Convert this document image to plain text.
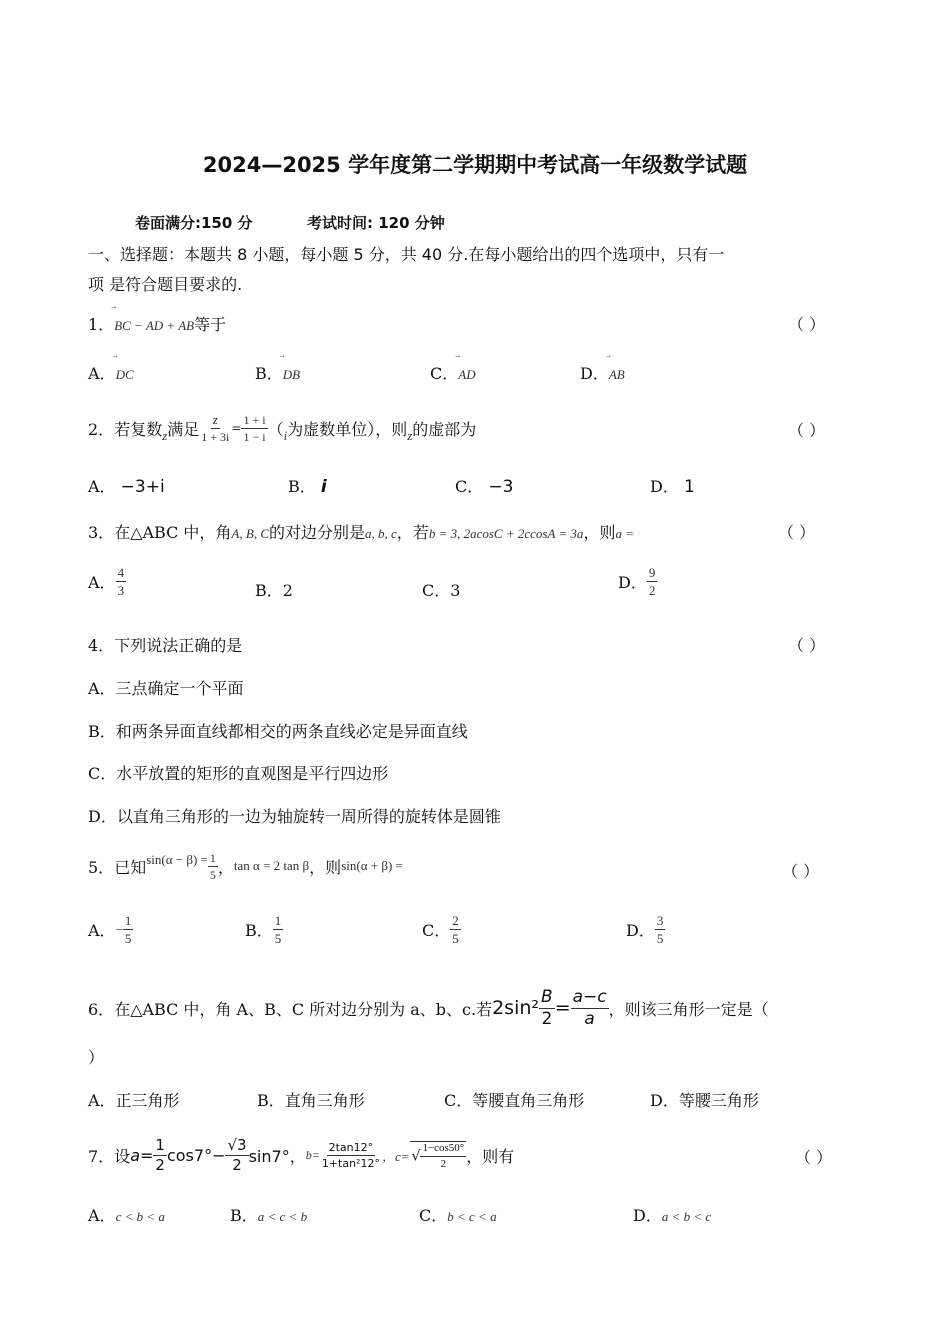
2024—2025 学年度第二学期期中考试高一年级数学试题
卷面满分:150 分	考试时间: 120 分钟
一、选择题：本题共 8 小题，每小题 5 分，共 40 分.在每小题给出的四个选项中，只有一
项 是符合题目要求的.
1．⃗ BC − AD + AB等于	（ ）
A．⃗ DC	B．⃗ DB	C．⃗ AD	D．⃗ AB
2． 若复数 z 满足 $\frac{z}{1 + 3i} = \frac{1 + i}{1 - i}$ （ i 为虚数单位），则 z 的虚部为	（ ）
A． −3+i	B． i	C． −3	D． 1
3．在△ABC 中，角A, B, C的对边分别是a, b, c，若b = 3, 2acosC + 2ccosA = 3a，则a =	（ ）
A． $\frac{4}{3}$	B．2	C．3	D． $\frac{9}{2}$
4．下列说法正确的是	（ ）
A．三点确定一个平面
B．和两条异面直线都相交的两条直线必定是异面直线
C．水平放置的矩形的直观图是平行四边形
D．以直角三角形的一边为轴旋转一周所得的旋转体是圆锥
5． 已知 $\sin(\alpha - \beta) = \frac{1}{5}$ ， tan α = 2 tan β ，则 sin(α + β) =	（ ）
A． − $\frac{1}{5}$	B． $\frac{1}{5}$	C． $\frac{2}{5}$	D． $\frac{3}{5}$
6． 在△ABC 中，角 A、B、C 所对边分别为 a、b、c.若 $2\sin^2 \frac{B}{2} = \frac{a-c}{a}$ ，则该三角形一定是（
）
A．正三角形	B．直角三角形	C．等腰直角三角形	D．等腰三角形
7． 设 $a= \frac{1}{2} \cos 7^\circ- \frac{√3}{2} \sin 7^\circ$， $b= \frac{2\tan 12^\circ}{\text{1+tan²12°}}$ ，c= √ $\frac{1-\cos 50^\circ}{2}$ ，则有	（ ）
A．c < b < a	B．a < c < b	C．b < c < a	D．a < b < c
